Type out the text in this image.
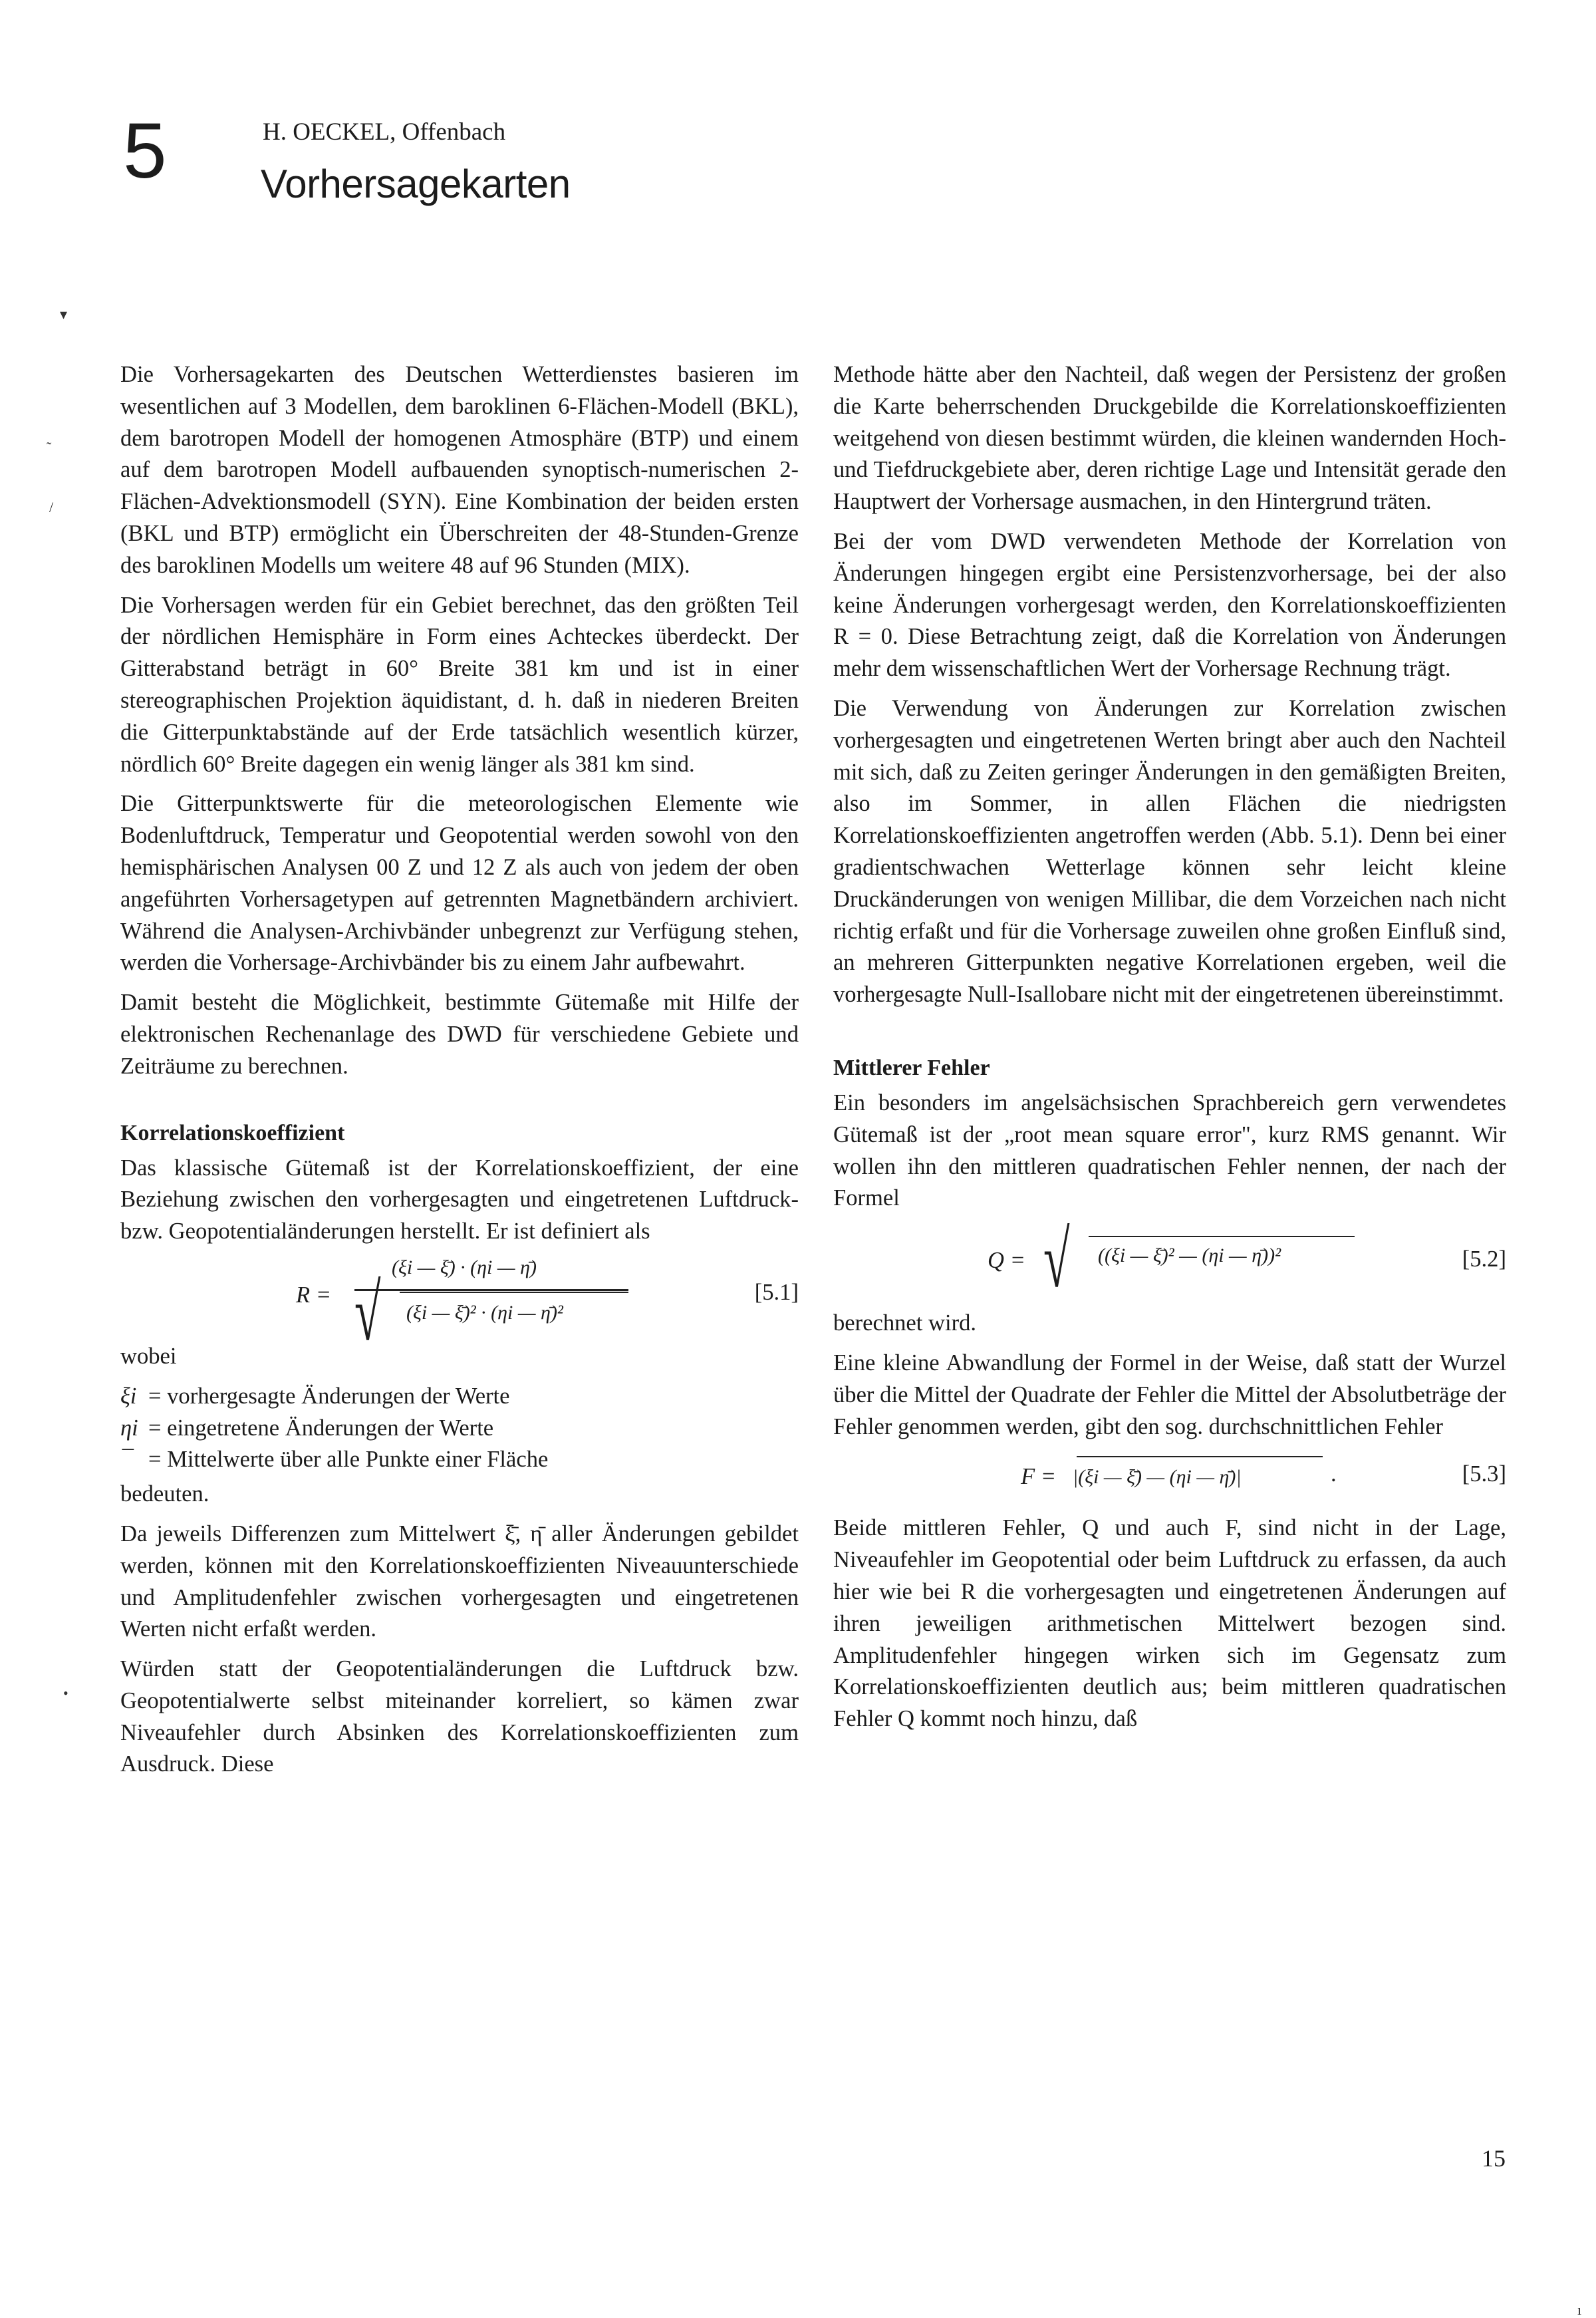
5	H. OECKEL, Offenbach
Vorhersagekarten
▾
˜
/
•
ı

Die Vorhersagekarten des Deutschen Wetterdienstes basieren im wesentlichen auf 3 Modellen, dem baroklinen 6-Flächen-Modell (BKL), dem barotropen Modell der homogenen Atmosphäre (BTP) und einem auf dem barotropen Modell aufbauenden synoptisch-numerischen 2-Flächen-Advektionsmodell (SYN). Eine Kombination der beiden ersten (BKL und BTP) ermöglicht ein Überschreiten der 48-Stunden-Grenze des baroklinen Modells um weitere 48 auf 96 Stunden (MIX).

Die Vorhersagen werden für ein Gebiet berechnet, das den größten Teil der nördlichen Hemisphäre in Form eines Achteckes überdeckt. Der Gitterabstand beträgt in 60° Breite 381 km und ist in einer stereographischen Projektion äquidistant, d. h. daß in niederen Breiten die Gitterpunktabstände auf der Erde tatsächlich wesentlich kürzer, nördlich 60° Breite dagegen ein wenig länger als 381 km sind.

Die Gitterpunktswerte für die meteorologischen Elemente wie Bodenluftdruck, Temperatur und Geopotential werden sowohl von den hemisphärischen Analysen 00 Z und 12 Z als auch von jedem der oben angeführten Vorhersagetypen auf getrennten Magnetbändern archiviert. Während die Analysen-Archivbänder unbegrenzt zur Verfügung stehen, werden die Vorhersage-Archivbänder bis zu einem Jahr aufbewahrt.

Damit besteht die Möglichkeit, bestimmte Gütemaße mit Hilfe der elektronischen Rechenanlage des DWD für verschiedene Gebiete und Zeiträume zu berechnen.

Korrelationskoeffizient

Das klassische Gütemaß ist der Korrelationskoeffizient, der eine Beziehung zwischen den vorhergesagten und eingetretenen Luftdruck- bzw. Geopotentialänderungen herstellt. Er ist definiert als

R =
(ξi — ξ̄) · (ηi — η̄)
√ (ξi — ξ̄)² · (ηi — η̄)²
[5.1]

wobei

ξi = vorhergesagte Änderungen der Werte
ηi = eingetretene Änderungen der Werte
¯ = Mittelwerte über alle Punkte einer Fläche

bedeuten.

Da jeweils Differenzen zum Mittelwert ξ̄, η̄ aller Änderungen gebildet werden, können mit den Korrelationskoeffizienten Niveauunterschiede und Amplitudenfehler zwischen vorhergesagten und eingetretenen Werten nicht erfaßt werden.

Würden statt der Geopotentialänderungen die Luftdruck bzw. Geopotentialwerte selbst miteinander korreliert, so kämen zwar Niveaufehler durch Absinken des Korrelationskoeffizienten zum Ausdruck. Diese

Methode hätte aber den Nachteil, daß wegen der Persistenz der großen die Karte beherrschenden Druckgebilde die Korrelationskoeffizienten weitgehend von diesen bestimmt würden, die kleinen wandernden Hoch- und Tiefdruckgebiete aber, deren richtige Lage und Intensität gerade den Hauptwert der Vorhersage ausmachen, in den Hintergrund träten.

Bei der vom DWD verwendeten Methode der Korrelation von Änderungen hingegen ergibt eine Persistenzvorhersage, bei der also keine Änderungen vorhergesagt werden, den Korrelationskoeffizienten R = 0. Diese Betrachtung zeigt, daß die Korrelation von Änderungen mehr dem wissenschaftlichen Wert der Vorhersage Rechnung trägt.

Die Verwendung von Änderungen zur Korrelation zwischen vorhergesagten und eingetretenen Werten bringt aber auch den Nachteil mit sich, daß zu Zeiten geringer Änderungen in den gemäßigten Breiten, also im Sommer, in allen Flächen die niedrigsten Korrelationskoeffizienten angetroffen werden (Abb. 5.1). Denn bei einer gradientschwachen Wetterlage können sehr leicht kleine Druckänderungen von wenigen Millibar, die dem Vorzeichen nach nicht richtig erfaßt und für die Vorhersage zuweilen ohne großen Einfluß sind, an mehreren Gitterpunkten negative Korrelationen ergeben, weil die vorhergesagte Null-Isallobare nicht mit der eingetretenen übereinstimmt.

Mittlerer Fehler

Ein besonders im angelsächsischen Sprachbereich gern verwendetes Gütemaß ist der „root mean square error", kurz RMS genannt. Wir wollen ihn den mittleren quadratischen Fehler nennen, der nach der Formel

Q = √ ((ξi — ξ̄)² — (ηi — η̄))²	[5.2]

berechnet wird.

Eine kleine Abwandlung der Formel in der Weise, daß statt der Wurzel über die Mittel der Quadrate der Fehler die Mittel der Absolutbeträge der Fehler genommen werden, gibt den sog. durchschnittlichen Fehler

F = |(ξi — ξ̄) — (ηi — η̄)|	.	[5.3]

Beide mittleren Fehler, Q und auch F, sind nicht in der Lage, Niveaufehler im Geopotential oder beim Luftdruck zu erfassen, da auch hier wie bei R die vorhergesagten und eingetretenen Änderungen auf ihren jeweiligen arithmetischen Mittelwert bezogen sind. Amplitudenfehler hingegen wirken sich im Gegensatz zum Korrelationskoeffizienten deutlich aus; beim mittleren quadratischen Fehler Q kommt noch hinzu, daß

15
